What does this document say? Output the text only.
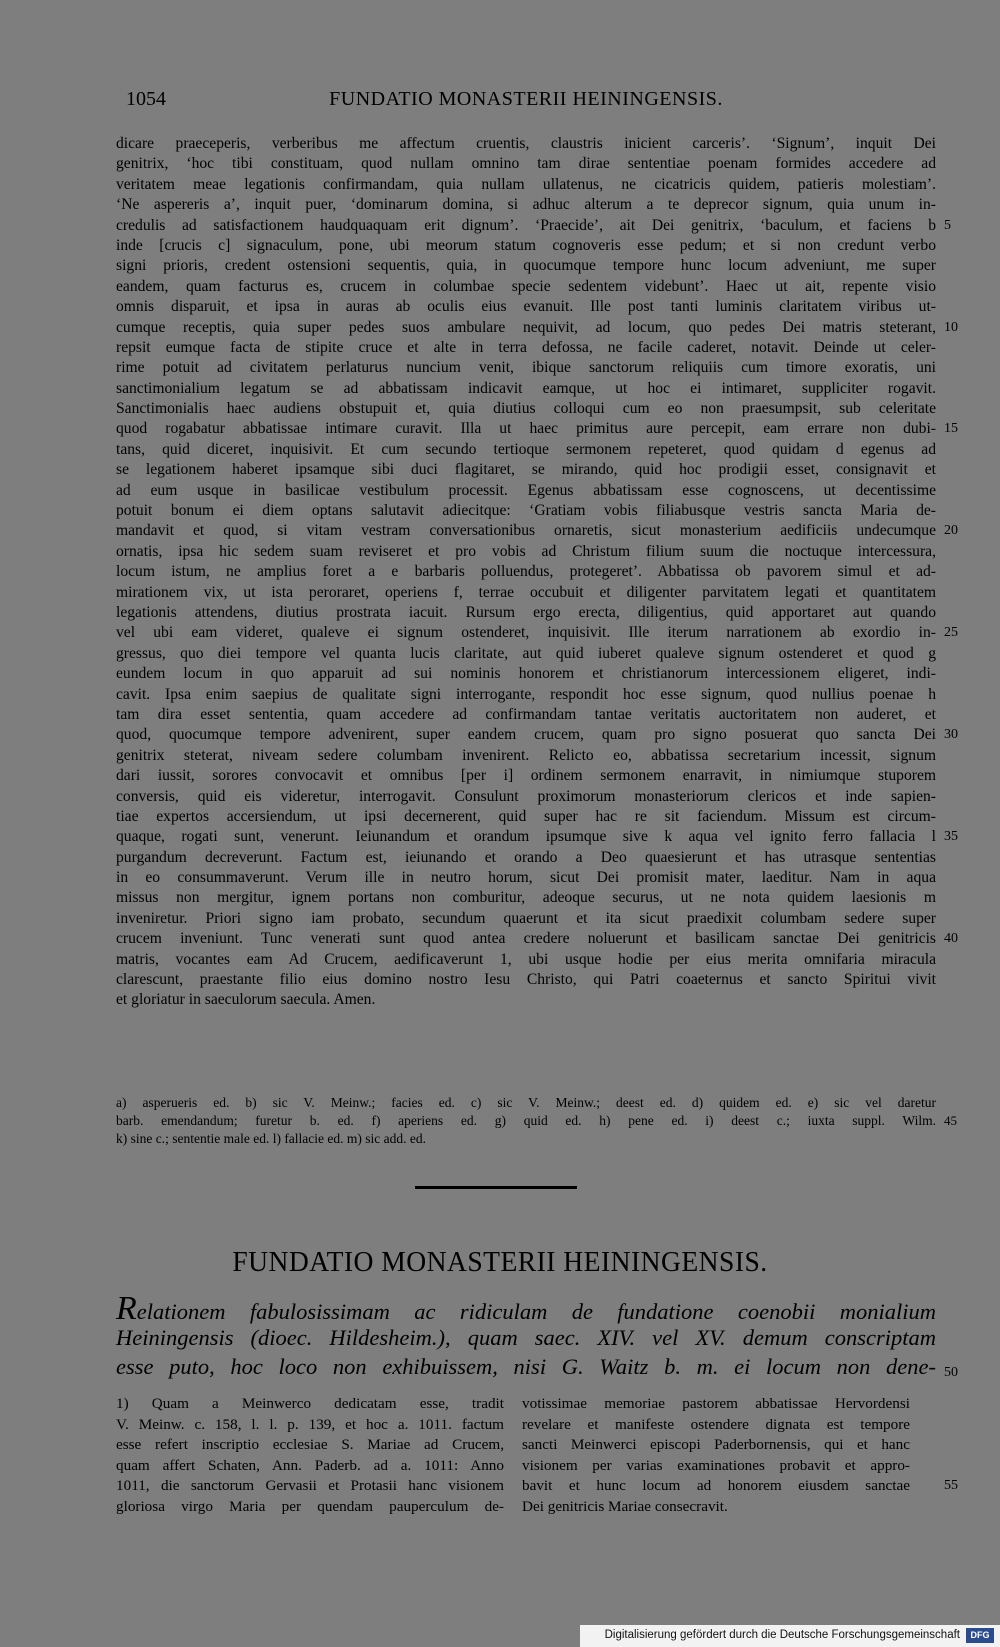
1054	FUNDATIO MONASTERII HEININGENSIS.
dicare praeceperis, verberibus me affectum cruentis, claustris inicient carceris’. ‘Signum’, inquit Dei
genitrix, ‘hoc tibi constituam, quod nullam omnino tam dirae sententiae poenam formides accedere ad
veritatem meae legationis confirmandam, quia nullam ullatenus, ne cicatricis quidem, patieris molestiam’.
‘Ne aspereris a’, inquit puer, ‘dominarum domina, si adhuc alterum a te deprecor signum, quia unum in-
credulis ad satisfactionem haudquaquam erit dignum’. ‘Praecide’, ait Dei genitrix, ‘baculum, et faciens b 5
inde [crucis c] signaculum, pone, ubi meorum statum cognoveris esse pedum; et si non credunt verbo
signi prioris, credent ostensioni sequentis, quia, in quocumque tempore hunc locum adveniunt, me super
eandem, quam facturus es, crucem in columbae specie sedentem videbunt’. Haec ut ait, repente visio
omnis disparuit, et ipsa in auras ab oculis eius evanuit. Ille post tanti luminis claritatem viribus ut-
cumque receptis, quia super pedes suos ambulare nequivit, ad locum, quo pedes Dei matris steterant, 10
repsit eumque facta de stipite cruce et alte in terra defossa, ne facile caderet, notavit. Deinde ut celer-
rime potuit ad civitatem perlaturus nuncium venit, ibique sanctorum reliquiis cum timore exoratis, uni
sanctimonialium legatum se ad abbatissam indicavit eamque, ut hoc ei intimaret, suppliciter rogavit.
Sanctimonialis haec audiens obstupuit et, quia diutius colloqui cum eo non praesumpsit, sub celeritate
quod rogabatur abbatissae intimare curavit. Illa ut haec primitus aure percepit, eam errare non dubi- 15
tans, quid diceret, inquisivit. Et cum secundo tertioque sermonem repeteret, quod quidam d egenus ad
se legationem haberet ipsamque sibi duci flagitaret, se mirando, quid hoc prodigii esset, consignavit et
ad eum usque in basilicae vestibulum processit. Egenus abbatissam esse cognoscens, ut decentissime
potuit bonum ei diem optans salutavit adiecitque: ‘Gratiam vobis filiabusque vestris sancta Maria de-
mandavit et quod, si vitam vestram conversationibus ornaretis, sicut monasterium aedificiis undecumque 20
ornatis, ipsa hic sedem suam reviseret et pro vobis ad Christum filium suum die noctuque intercessura,
locum istum, ne amplius foret a e barbaris polluendus, protegeret’. Abbatissa ob pavorem simul et ad-
mirationem vix, ut ista peroraret, operiens f, terrae occubuit et diligenter parvitatem legati et quantitatem
legationis attendens, diutius prostrata iacuit. Rursum ergo erecta, diligentius, quid apportaret aut quando
vel ubi eam videret, qualeve ei signum ostenderet, inquisivit. Ille iterum narrationem ab exordio in- 25
gressus, quo diei tempore vel quanta lucis claritate, aut quid iuberet qualeve signum ostenderet et quod g
eundem locum in quo apparuit ad sui nominis honorem et christianorum intercessionem eligeret, indi-
cavit. Ipsa enim saepius de qualitate signi interrogante, respondit hoc esse signum, quod nullius poenae h
tam dira esset sententia, quam accedere ad confirmandam tantae veritatis auctoritatem non auderet, et
quod, quocumque tempore advenirent, super eandem crucem, quam pro signo posuerat quo sancta Dei 30
genitrix steterat, niveam sedere columbam invenirent. Relicto eo, abbatissa secretarium incessit, signum
dari iussit, sorores convocavit et omnibus [per i] ordinem sermonem enarravit, in nimiumque stuporem
conversis, quid eis videretur, interrogavit. Consulunt proximorum monasteriorum clericos et inde sapien-
tiae expertos accersiendum, ut ipsi decernerent, quid super hac re sit faciendum. Missum est circum-
quaque, rogati sunt, venerunt. Ieiunandum et orandum ipsumque sive k aqua vel ignito ferro fallacia l 35
purgandum decreverunt. Factum est, ieiunando et orando a Deo quaesierunt et has utrasque sententias
in eo consummaverunt. Verum ille in neutro horum, sicut Dei promisit mater, laeditur. Nam in aqua
missus non mergitur, ignem portans non comburitur, adeoque securus, ut ne nota quidem laesionis m
inveniretur. Priori signo iam probato, secundum quaerunt et ita sicut praedixit columbam sedere super
crucem inveniunt. Tunc venerati sunt quod antea credere noluerunt et basilicam sanctae Dei genitricis 40
matris, vocantes eam Ad Crucem, aedificaverunt 1, ubi usque hodie per eius merita omnifaria miracula
clarescunt, praestante filio eius domino nostro Iesu Christo, qui Patri coaeternus et sancto Spiritui vivit
et gloriatur in saeculorum saecula. Amen.
a) asperueris ed. b) sic V. Meinw.; facies ed. c) sic V. Meinw.; deest ed. d) quidem ed. e) sic vel daretur
barb. emendandum; furetur b. ed. f) aperiens ed. g) quid ed. h) pene ed. i) deest c.; iuxta suppl. Wilm. 45
k) sine c.; sententie male ed. l) fallacie ed. m) sic add. ed.
FUNDATIO MONASTERII HEININGENSIS.
Relationem fabulosissimam ac ridiculam de fundatione coenobii monialium
Heiningensis (dioec. Hildesheim.), quam saec. XIV. vel XV. demum conscriptam
esse puto, hoc loco non exhibuissem, nisi G. Waitz b. m. ei locum non dene- 50
1) Quam a Meinwerco dedicatam esse, tradit
V. Meinw. c. 158, l. l. p. 139, et hoc a. 1011. factum
esse refert inscriptio ecclesiae S. Mariae ad Crucem,
quam affert Schaten, Ann. Paderb. ad a. 1011: Anno
1011, die sanctorum Gervasii et Protasii hanc visionem
gloriosa virgo Maria per quendam pauperculum de-
votissimae memoriae pastorem abbatissae Hervordensi
revelare et manifeste ostendere dignata est tempore
sancti Meinwerci episcopi Paderbornensis, qui et hanc
visionem per varias examinationes probavit et appro-
bavit et hunc locum ad honorem eiusdem sanctae 55
Dei genitricis Mariae consecravit.
Digitalisierung gefördert durch die Deutsche Forschungsgemeinschaft	DFG
